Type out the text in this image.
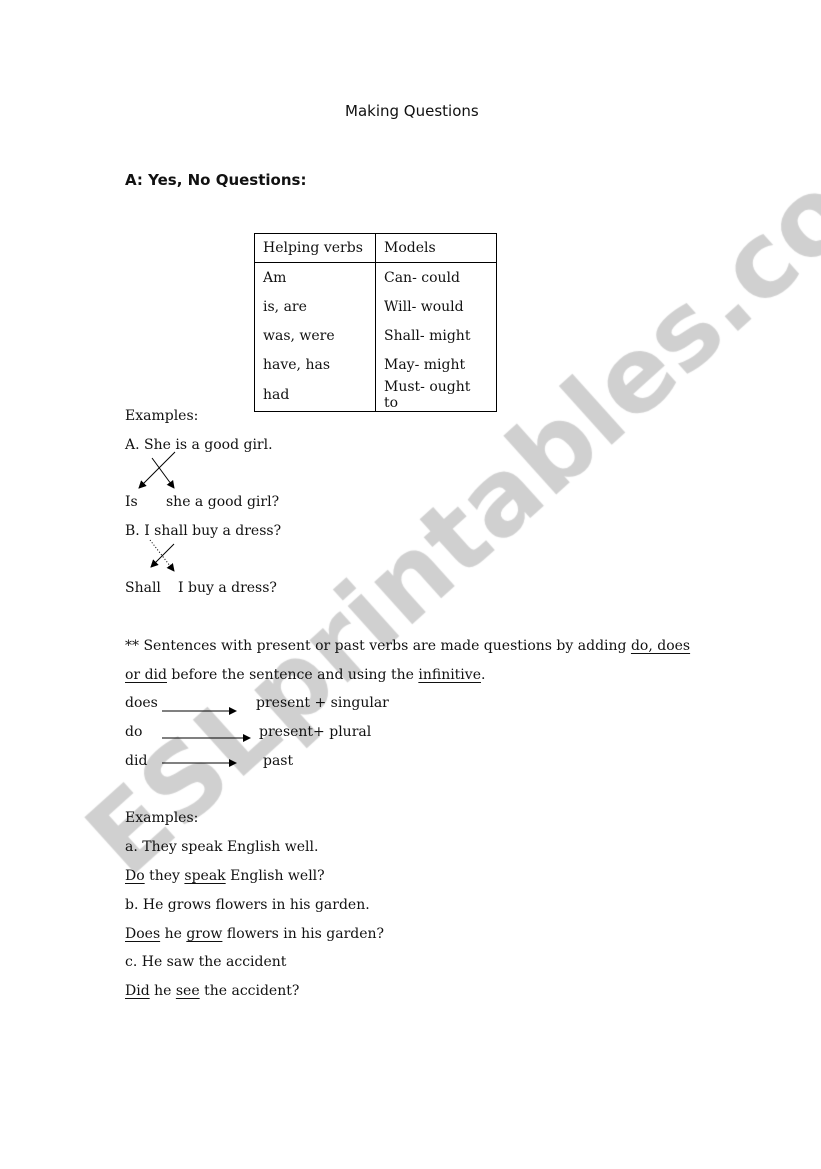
Making Questions
A: Yes, No Questions:
Helping verbs	Models
Am	Can- could
is, are	Will- would
was, were	Shall- might
have, has	May- might
had	Must- ought to
Examples:
A. She is a good girl.
Is she a good girl?
B. I shall buy a dress?
Shall I buy a dress?
** Sentences with present or past verbs are made questions by adding do, does
or did before the sentence and using the infinitive.
does	present + singular
do	present+ plural
did	past
Examples:
a. They speak English well.
Do they speak English well?
b. He grows flowers in his garden.
Does he grow flowers in his garden?
c. He saw the accident
Did he see the accident?
